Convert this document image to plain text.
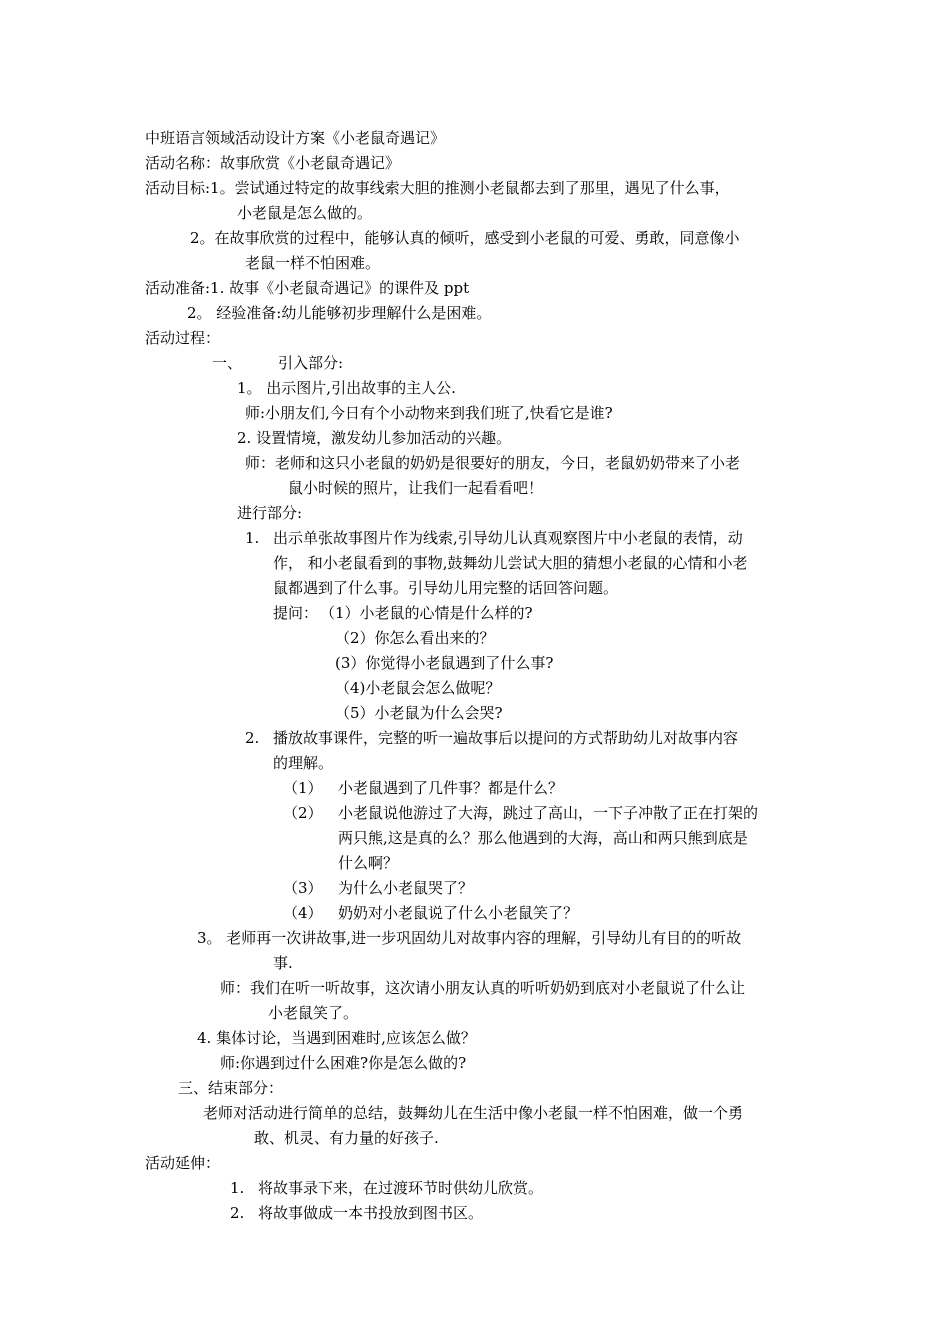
中班语言领域活动设计方案《小老鼠奇遇记》
活动名称：故事欣赏《小老鼠奇遇记》
活动目标:1。尝试通过特定的故事线索大胆的推测小老鼠都去到了那里，遇见了什么事，
小老鼠是怎么做的。
2。在故事欣赏的过程中，能够认真的倾听，感受到小老鼠的可爱、勇敢，同意像小
老鼠一样不怕困难。
活动准备:1. 故事《小老鼠奇遇记》的课件及 ppt
2。 经验准备:幼儿能够初步理解什么是困难。
活动过程：
一、 引入部分:
1。 出示图片,引出故事的主人公.
师:小朋友们,今日有个小动物来到我们班了,快看它是谁?
2. 设置情境，激发幼儿参加活动的兴趣。
师：老师和这只小老鼠的奶奶是很要好的朋友，今日，老鼠奶奶带来了小老
鼠小时候的照片，让我们一起看看吧！
进行部分:
1. 出示单张故事图片作为线索,引导幼儿认真观察图片中小老鼠的表情，动
作， 和小老鼠看到的事物,鼓舞幼儿尝试大胆的猜想小老鼠的心情和小老
鼠都遇到了什么事。引导幼儿用完整的话回答问题。
提问： （1）小老鼠的心情是什么样的?
（2）你怎么看出来的？
(3）你觉得小老鼠遇到了什么事?
（4)小老鼠会怎么做呢？
（5）小老鼠为什么会哭?
2. 播放故事课件，完整的听一遍故事后以提问的方式帮助幼儿对故事内容
的理解。
（1） 小老鼠遇到了几件事？都是什么？
（2） 小老鼠说他游过了大海，跳过了高山，一下子冲散了正在打架的
两只熊,这是真的么？那么他遇到的大海，高山和两只熊到底是
什么啊？
（3） 为什么小老鼠哭了？
（4） 奶奶对小老鼠说了什么小老鼠笑了？
3。 老师再一次讲故事,进一步巩固幼儿对故事内容的理解，引导幼儿有目的的听故
事.
师：我们在听一听故事，这次请小朋友认真的听听奶奶到底对小老鼠说了什么让
小老鼠笑了。
4. 集体讨论，当遇到困难时,应该怎么做？
师:你遇到过什么困难?你是怎么做的?
三、结束部分：
老师对活动进行简单的总结，鼓舞幼儿在生活中像小老鼠一样不怕困难，做一个勇
敢、机灵、有力量的好孩子.
活动延伸：
1. 将故事录下来，在过渡环节时供幼儿欣赏。
2. 将故事做成一本书投放到图书区。
